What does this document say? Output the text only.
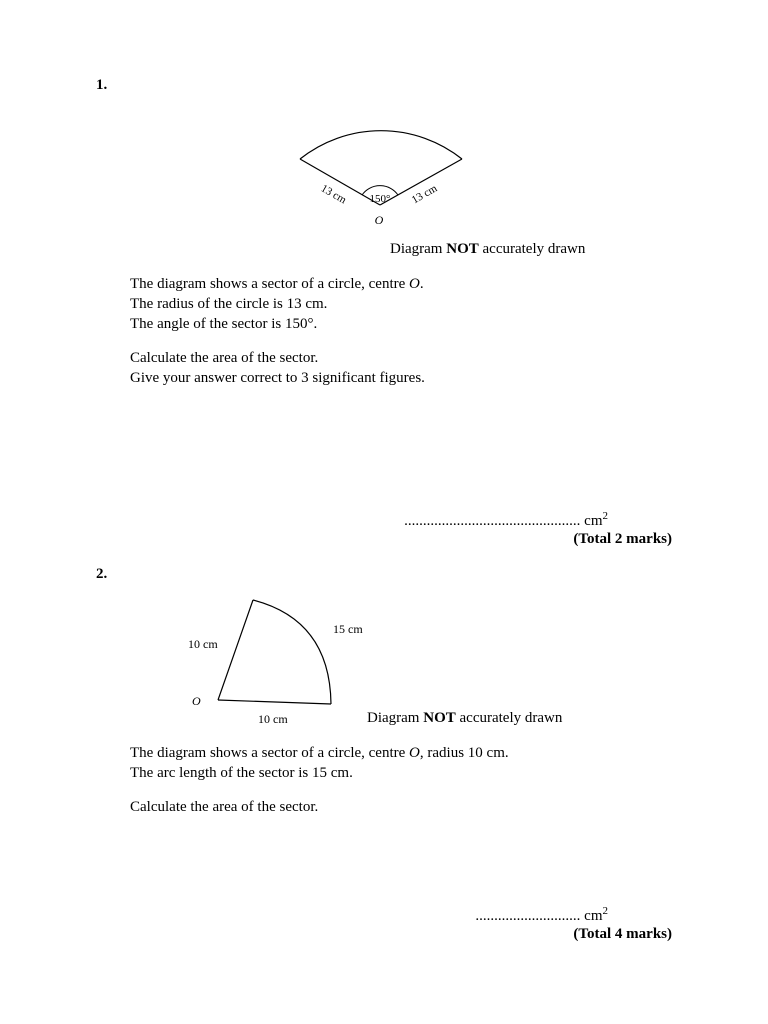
1.
150°
13 cm	13 cm
O
Diagram NOT accurately drawn
The diagram shows a sector of a circle, centre O.
The radius of the circle is 13 cm.
The angle of the sector is 150°.
Calculate the area of the sector.
Give your answer correct to 3 significant figures.
............................................... $cm^2$
(Total 2 marks)
2.
10 cm
15 cm
10 cm
O
Diagram NOT accurately drawn
The diagram shows a sector of a circle, centre O, radius 10 cm.
The arc length of the sector is 15 cm.
Calculate the area of the sector.
............................ $cm^2$
(Total 4 marks)
